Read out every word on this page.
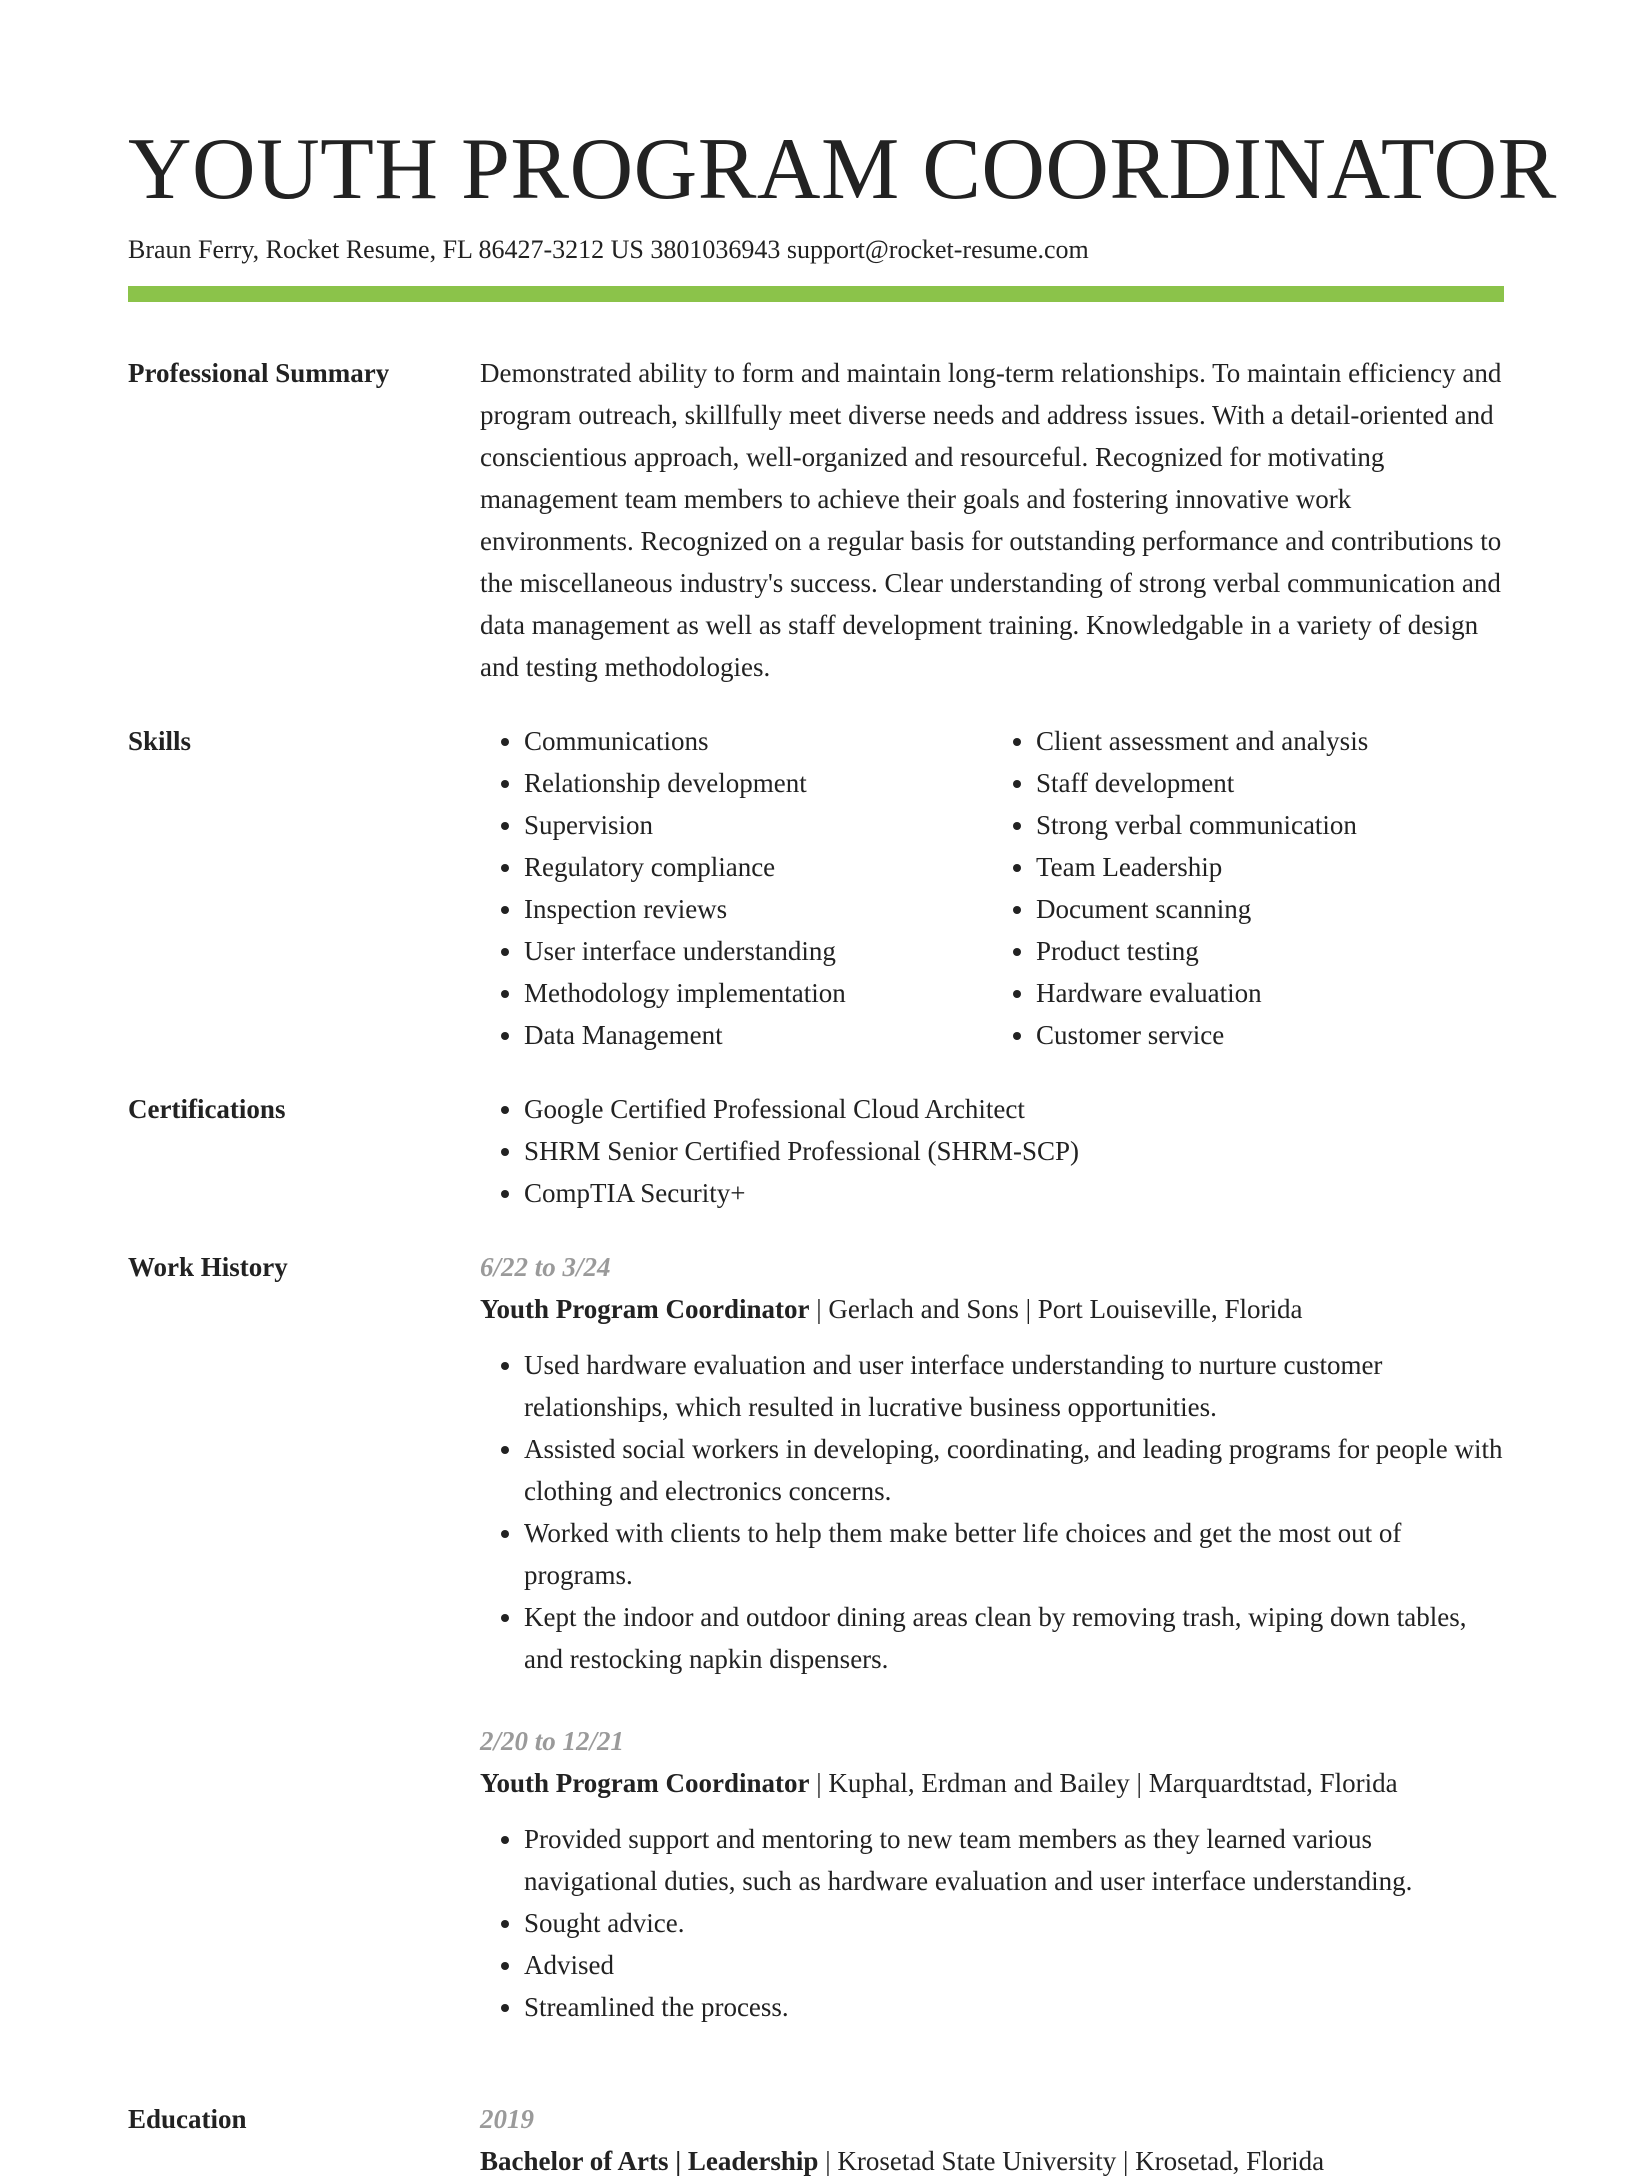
YOUTH PROGRAM COORDINATOR
Braun Ferry, Rocket Resume, FL 86427-3212 US 3801036943 support@rocket-resume.com
Professional Summary	Demonstrated ability to form and maintain long-term relationships. To maintain efficiency and program outreach, skillfully meet diverse needs and address issues. With a detail-oriented and conscientious approach, well-organized and resourceful. Recognized for motivating management team members to achieve their goals and fostering innovative work environments. Recognized on a regular basis for outstanding performance and contributions to the miscellaneous industry's success. Clear understanding of strong verbal communication and data management as well as staff development training. Knowledgable in a variety of design and testing methodologies.
Skills	• Communications
• Relationship development
• Supervision
• Regulatory compliance
• Inspection reviews
• User interface understanding
• Methodology implementation
• Data Management
• Client assessment and analysis
• Staff development
• Strong verbal communication
• Team Leadership
• Document scanning
• Product testing
• Hardware evaluation
• Customer service
Certifications	• Google Certified Professional Cloud Architect
• SHRM Senior Certified Professional (SHRM-SCP)
• CompTIA Security+
Work History	6/22 to 3/24
Youth Program Coordinator | Gerlach and Sons | Port Louiseville, Florida
• Used hardware evaluation and user interface understanding to nurture customer relationships, which resulted in lucrative business opportunities.
• Assisted social workers in developing, coordinating, and leading programs for people with clothing and electronics concerns.
• Worked with clients to help them make better life choices and get the most out of programs.
• Kept the indoor and outdoor dining areas clean by removing trash, wiping down tables, and restocking napkin dispensers.
2/20 to 12/21
Youth Program Coordinator | Kuphal, Erdman and Bailey | Marquardtstad, Florida
• Provided support and mentoring to new team members as they learned various navigational duties, such as hardware evaluation and user interface understanding.
• Sought advice.
• Advised
• Streamlined the process.
Education	2019
Bachelor of Arts | Leadership | Krosetad State University | Krosetad, Florida
